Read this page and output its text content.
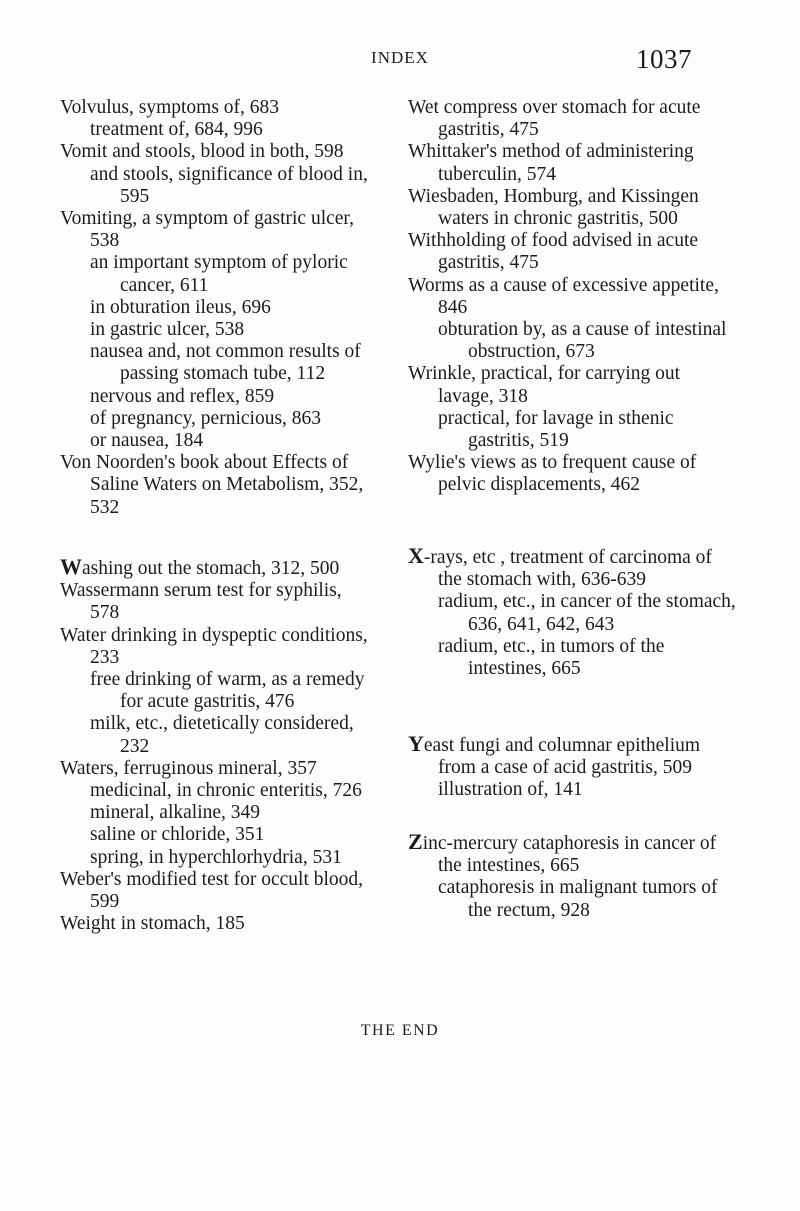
INDEX	1037
Volvulus, symptoms of, 683
treatment of, 684, 996
Vomit and stools, blood in both, 598
and stools, significance of blood in, 595
Vomiting, a symptom of gastric ulcer, 538
an important symptom of pyloric cancer, 611
in obturation ileus, 696
in gastric ulcer, 538
nausea and, not common results of passing stomach tube, 112
nervous and reflex, 859
of pregnancy, pernicious, 863
or nausea, 184
Von Noorden's book about Effects of Saline Waters on Metabolism, 352, 532
Washing out the stomach, 312, 500
Wassermann serum test for syphilis, 578
Water drinking in dyspeptic conditions, 233
free drinking of warm, as a remedy for acute gastritis, 476
milk, etc., dietetically considered, 232
Waters, ferruginous mineral, 357
medicinal, in chronic enteritis, 726
mineral, alkaline, 349
saline or chloride, 351
spring, in hyperchlorhydria, 531
Weber's modified test for occult blood, 599
Weight in stomach, 185
Wet compress over stomach for acute gastritis, 475
Whittaker's method of administering tuberculin, 574
Wiesbaden, Homburg, and Kissingen waters in chronic gastritis, 500
Withholding of food advised in acute gastritis, 475
Worms as a cause of excessive appetite, 846
obturation by, as a cause of intestinal obstruction, 673
Wrinkle, practical, for carrying out lavage, 318
practical, for lavage in sthenic gastritis, 519
Wylie's views as to frequent cause of pelvic displacements, 462
X-rays, etc , treatment of carcinoma of the stomach with, 636-639
radium, etc., in cancer of the stomach, 636, 641, 642, 643
radium, etc., in tumors of the intestines, 665
Yeast fungi and columnar epithelium from a case of acid gastritis, 509
illustration of, 141
Zinc-mercury cataphoresis in cancer of the intestines, 665
cataphoresis in malignant tumors of the rectum, 928
THE END
